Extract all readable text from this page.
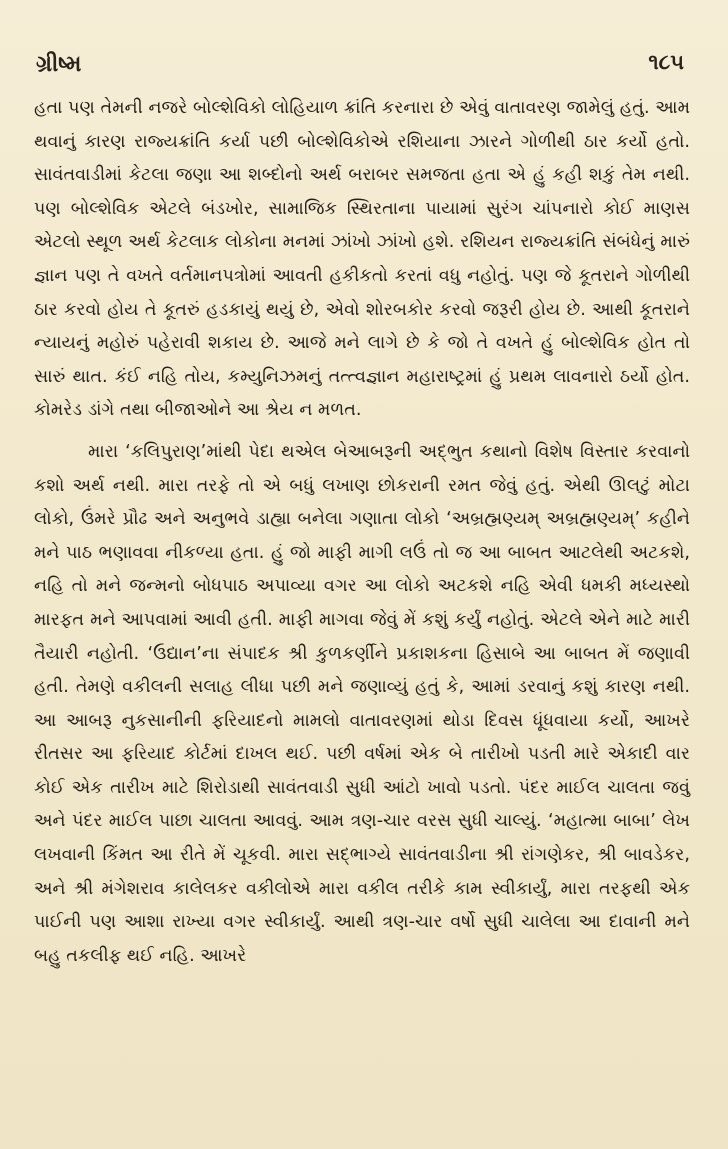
ગ્રીષ્મ	૧૮૫

હતા પણ તેમની નજરે બોલ્શેવિકો લોહિયાળ ક્રાંતિ કરનારા છે એવું વાતાવરણ જામેલું હતું. આમ થવાનું કારણ રાજ્યક્રાંતિ કર્યા પછી બોલ્શેવિકોએ રશિયાના ઝારને ગોળીથી ઠાર કર્યો હતો. સાવંતવાડીમાં કેટલા જણા આ શબ્દોનો અર્થ બરાબર સમજતા હતા એ હું કહી શકું તેમ નથી. પણ બોલ્શેવિક એટલે બંડખોર, સામાજિક સ્થિરતાના પાયામાં સુરંગ ચાંપનારો કોઈ માણસ એટલો સ્થૂળ અર્થ કેટલાક લોકોના મનમાં ઝાંખો ઝાંખો હશે. રશિયન રાજ્યક્રાંતિ સંબંધેનું મારું જ્ઞાન પણ તે વખતે વર્તમાનપત્રોમાં આવતી હકીકતો કરતાં વધુ નહોતું. પણ જે કૂતરાને ગોળીથી ઠાર કરવો હોય તે કૂતરું હડકાયું થયું છે, એવો શોરબકોર કરવો જરૂરી હોય છે. આથી કૂતરાને ન્યાયનું મહોરું પહેરાવી શકાય છે. આજે મને લાગે છે કે જો તે વખતે હું બોલ્શેવિક હોત તો સારું થાત. કંઈ નહિ તોય, કમ્યુનિઝમનું તત્ત્વજ્ઞાન મહારાષ્ટ્રમાં હું પ્રથમ લાવનારો ઠર્યો હોત. કોમરેડ ડાંગે તથા બીજાઓને આ શ્રેય ન મળત.

મારા ‘કલિપુરાણ’માંથી પેદા થએલ બેઆબરૂની અદ્ભુત કથાનો વિશેષ વિસ્તાર કરવાનો કશો અર્થ નથી. મારા તરફે તો એ બધું લખાણ છોકરાની રમત જેવું હતું. એથી ઊલટું મોટા લોકો, ઉંમરે પ્રૌઢ અને અનુભવે ડાહ્યા બનેલા ગણાતા લોકો ‘અબ્રહ્મણ્યમ્ અબ્રહ્મણ્યમ્’ કહીને મને પાઠ ભણાવવા નીકળ્યા હતા. હું જો માફી માગી લઉં તો જ આ બાબત આટલેથી અટકશે, નહિ તો મને જન્મનો બોધપાઠ અપાવ્યા વગર આ લોકો અટકશે નહિ એવી ધમકી મધ્યસ્થો મારફત મને આપવામાં આવી હતી. માફી માગવા જેવું મેં કશું કર્યું નહોતું. એટલે એને માટે મારી તૈયારી નહોતી. ‘ઉદ્યાન’ના સંપાદક શ્રી કુળકર્ણીને પ્રકાશકના હિસાબે આ બાબત મેં જણાવી હતી. તેમણે વકીલની સલાહ લીધા પછી મને જણાવ્યું હતું કે, આમાં ડરવાનું કશું કારણ નથી. આ આબરૂ નુકસાનીની ફરિયાદનો મામલો વાતાવરણમાં થોડા દિવસ ધૂંધવાયા કર્યો, આખરે રીતસર આ ફરિયાદ કોર્ટમાં દાખલ થઈ. પછી વર્ષમાં એક બે તારીખો પડતી મારે એકાદી વાર કોઈ એક તારીખ માટે શિરોડાથી સાવંતવાડી સુધી આંટો ખાવો પડતો. પંદર માઈલ ચાલતા જવું અને પંદર માઈલ પાછા ચાલતા આવવું. આમ ત્રણ-ચાર વરસ સુધી ચાલ્યું. ‘મહાત્મા બાબા’ લેખ લખવાની કિંમત આ રીતે મેં ચૂકવી. મારા સદ્ભાગ્યે સાવંતવાડીના શ્રી રાંગણેકર, શ્રી બાવડેકર, અને શ્રી મંગેશરાવ કાલેલકર વકીલોએ મારા વકીલ તરીકે કામ સ્વીકાર્યું, મારા તરફથી એક પાઈની પણ આશા રાખ્યા વગર સ્વીકાર્યું. આથી ત્રણ-ચાર વર્ષો સુધી ચાલેલા આ દાવાની મને બહુ તકલીફ થઈ નહિ. આખરે
